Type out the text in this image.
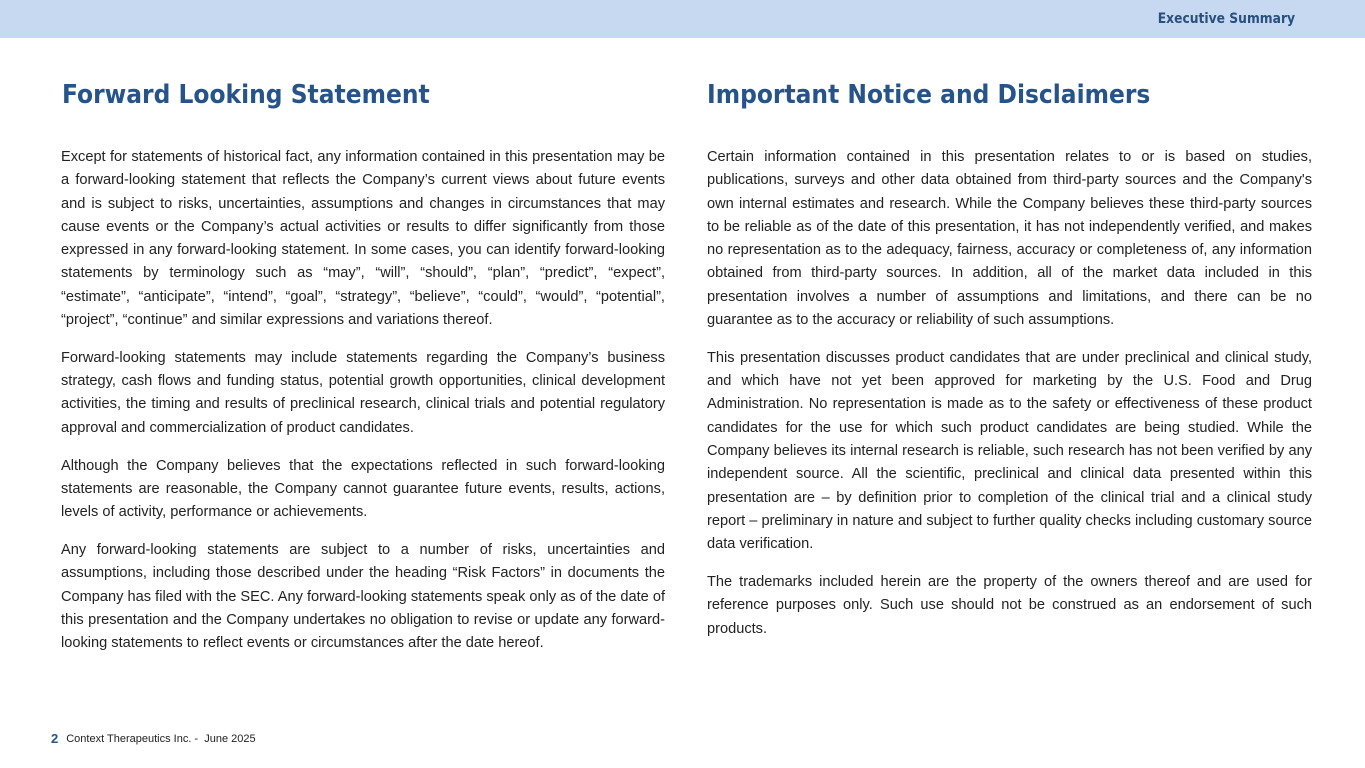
Executive Summary
Forward Looking Statement	Important Notice and Disclaimers

Except for statements of historical fact, any information contained in this presentation may be a forward-looking statement that reflects the Company’s current views about future events and is subject to risks, uncertainties, assumptions and changes in circumstances that may cause events or the Company’s actual activities or results to differ significantly from those expressed in any forward-looking statement. In some cases, you can identify forward-looking statements by terminology such as “may”, “will”, “should”, “plan”, “predict”, “expect”, “estimate”, “anticipate”, “intend”, “goal”, “strategy”, “believe”, “could”, “would”, “potential”, “project”, “continue” and similar expressions and variations thereof.

Forward-looking statements may include statements regarding the Company’s business strategy, cash flows and funding status, potential growth opportunities, clinical development activities, the timing and results of preclinical research, clinical trials and potential regulatory approval and commercialization of product candidates.

Although the Company believes that the expectations reflected in such forward-looking statements are reasonable, the Company cannot guarantee future events, results, actions, levels of activity, performance or achievements.

Any forward-looking statements are subject to a number of risks, uncertainties and assumptions, including those described under the heading “Risk Factors” in documents the Company has filed with the SEC. Any forward-looking statements speak only as of the date of this presentation and the Company undertakes no obligation to revise or update any forward-looking statements to reflect events or circumstances after the date hereof.

Certain information contained in this presentation relates to or is based on studies, publications, surveys and other data obtained from third-party sources and the Company's own internal estimates and research. While the Company believes these third-party sources to be reliable as of the date of this presentation, it has not independently verified, and makes no representation as to the adequacy, fairness, accuracy or completeness of, any information obtained from third-party sources. In addition, all of the market data included in this presentation involves a number of assumptions and limitations, and there can be no guarantee as to the accuracy or reliability of such assumptions.

This presentation discusses product candidates that are under preclinical and clinical study, and which have not yet been approved for marketing by the U.S. Food and Drug Administration. No representation is made as to the safety or effectiveness of these product candidates for the use for which such product candidates are being studied. While the Company believes its internal research is reliable, such research has not been verified by any independent source. All the scientific, preclinical and clinical data presented within this presentation are – by definition prior to completion of the clinical trial and a clinical study report – preliminary in nature and subject to further quality checks including customary source data verification.

The trademarks included herein are the property of the owners thereof and are used for reference purposes only. Such use should not be construed as an endorsement of such products.

2 Context Therapeutics Inc. -  June 2025
